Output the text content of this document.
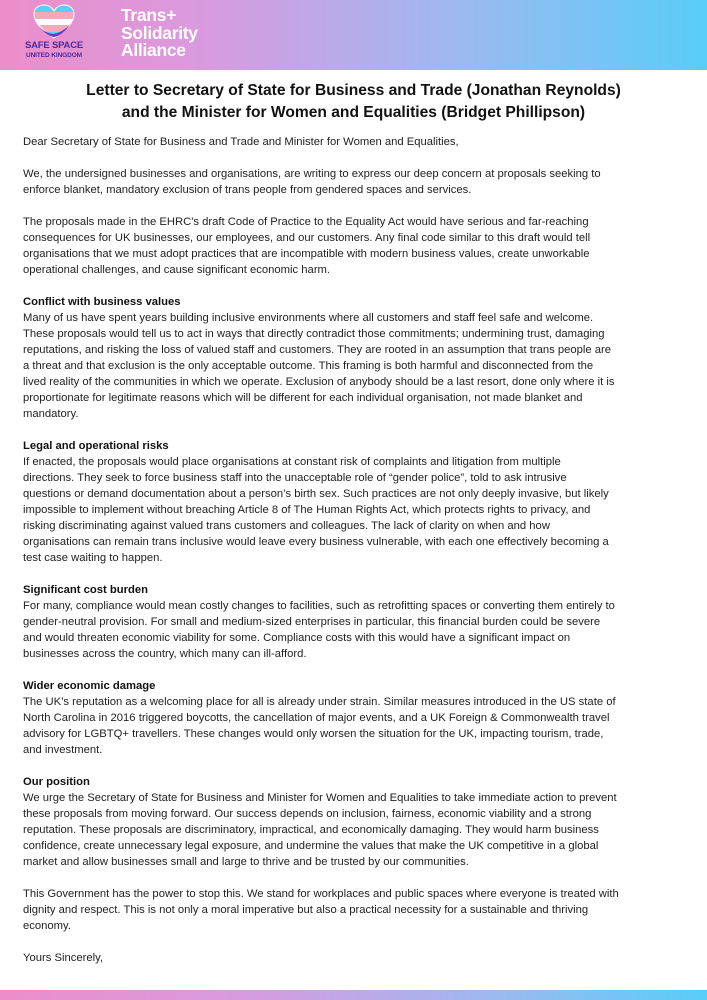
SAFE SPACE
UNITED KINGDOM
Trans+
Solidarity
Alliance
Letter to Secretary of State for Business and Trade (Jonathan Reynolds)
and the Minister for Women and Equalities (Bridget Phillipson)

Dear Secretary of State for Business and Trade and Minister for Women and Equalities,

We, the undersigned businesses and organisations, are writing to express our deep concern at proposals seeking to
enforce blanket, mandatory exclusion of trans people from gendered spaces and services.

The proposals made in the EHRC's draft Code of Practice to the Equality Act would have serious and far-reaching
consequences for UK businesses, our employees, and our customers. Any final code similar to this draft would tell
organisations that we must adopt practices that are incompatible with modern business values, create unworkable
operational challenges, and cause significant economic harm.

Conflict with business values

Many of us have spent years building inclusive environments where all customers and staff feel safe and welcome.
These proposals would tell us to act in ways that directly contradict those commitments; undermining trust, damaging
reputations, and risking the loss of valued staff and customers. They are rooted in an assumption that trans people are
a threat and that exclusion is the only acceptable outcome. This framing is both harmful and disconnected from the
lived reality of the communities in which we operate. Exclusion of anybody should be a last resort, done only where it is
proportionate for legitimate reasons which will be different for each individual organisation, not made blanket and
mandatory.

Legal and operational risks

If enacted, the proposals would place organisations at constant risk of complaints and litigation from multiple
directions. They seek to force business staff into the unacceptable role of “gender police”, told to ask intrusive
questions or demand documentation about a person’s birth sex. Such practices are not only deeply invasive, but likely
impossible to implement without breaching Article 8 of The Human Rights Act, which protects rights to privacy, and
risking discriminating against valued trans customers and colleagues. The lack of clarity on when and how
organisations can remain trans inclusive would leave every business vulnerable, with each one effectively becoming a
test case waiting to happen.

Significant cost burden

For many, compliance would mean costly changes to facilities, such as retrofitting spaces or converting them entirely to
gender-neutral provision. For small and medium-sized enterprises in particular, this financial burden could be severe
and would threaten economic viability for some. Compliance costs with this would have a significant impact on
businesses across the country, which many can ill-afford.

Wider economic damage

The UK’s reputation as a welcoming place for all is already under strain. Similar measures introduced in the US state of
North Carolina in 2016 triggered boycotts, the cancellation of major events, and a UK Foreign & Commonwealth travel
advisory for LGBTQ+ travellers. These changes would only worsen the situation for the UK, impacting tourism, trade,
and investment.

Our position

We urge the Secretary of State for Business and Minister for Women and Equalities to take immediate action to prevent
these proposals from moving forward. Our success depends on inclusion, fairness, economic viability and a strong
reputation. These proposals are discriminatory, impractical, and economically damaging. They would harm business
confidence, create unnecessary legal exposure, and undermine the values that make the UK competitive in a global
market and allow businesses small and large to thrive and be trusted by our communities.

This Government has the power to stop this. We stand for workplaces and public spaces where everyone is treated with
dignity and respect. This is not only a moral imperative but also a practical necessity for a sustainable and thriving
economy.

Yours Sincerely,
